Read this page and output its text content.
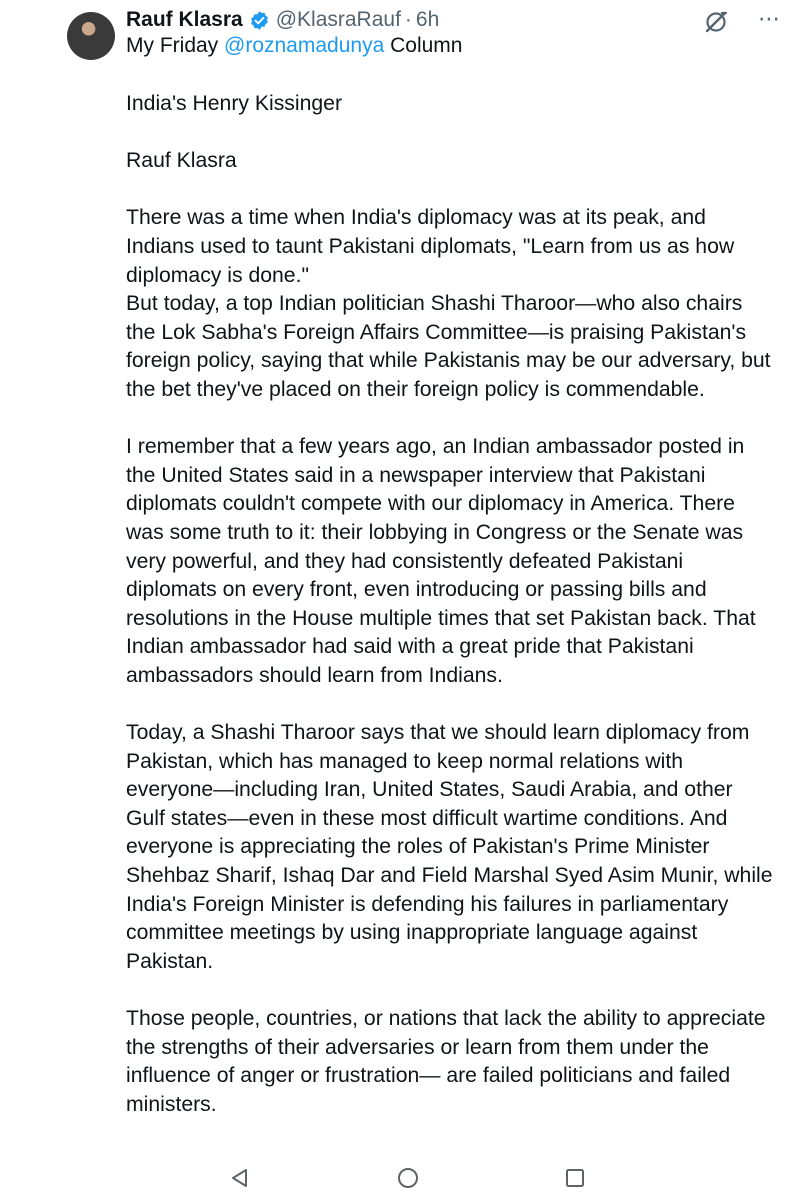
Rauf Klasra @KlasraRauf · 6h	⋯
My Friday @roznamadunya Column

India's Henry Kissinger

Rauf Klasra

There was a time when India's diplomacy was at its peak, and Indians used to taunt Pakistani diplomats, "Learn from us as how diplomacy is done."

But today, a top Indian politician Shashi Tharoor—who also chairs the Lok Sabha's Foreign Affairs Committee—is praising Pakistan's foreign policy, saying that while Pakistanis may be our adversary, but the bet they've placed on their foreign policy is commendable.

I remember that a few years ago, an Indian ambassador posted in the United States said in a newspaper interview that Pakistani diplomats couldn't compete with our diplomacy in America. There was some truth to it: their lobbying in Congress or the Senate was very powerful, and they had consistently defeated Pakistani diplomats on every front, even introducing or passing bills and resolutions in the House multiple times that set Pakistan back. That Indian ambassador had said with a great pride that Pakistani ambassadors should learn from Indians.

Today, a Shashi Tharoor says that we should learn diplomacy from Pakistan, which has managed to keep normal relations with everyone—including Iran, United States, Saudi Arabia, and other Gulf states—even in these most difficult wartime conditions. And everyone is appreciating the roles of Pakistan's Prime Minister Shehbaz Sharif, Ishaq Dar and Field Marshal Syed Asim Munir, while India's Foreign Minister is defending his failures in parliamentary committee meetings by using inappropriate language against Pakistan.

Those people, countries, or nations that lack the ability to appreciate the strengths of their adversaries or learn from them under the influence of anger or frustration— are failed politicians and failed ministers.
